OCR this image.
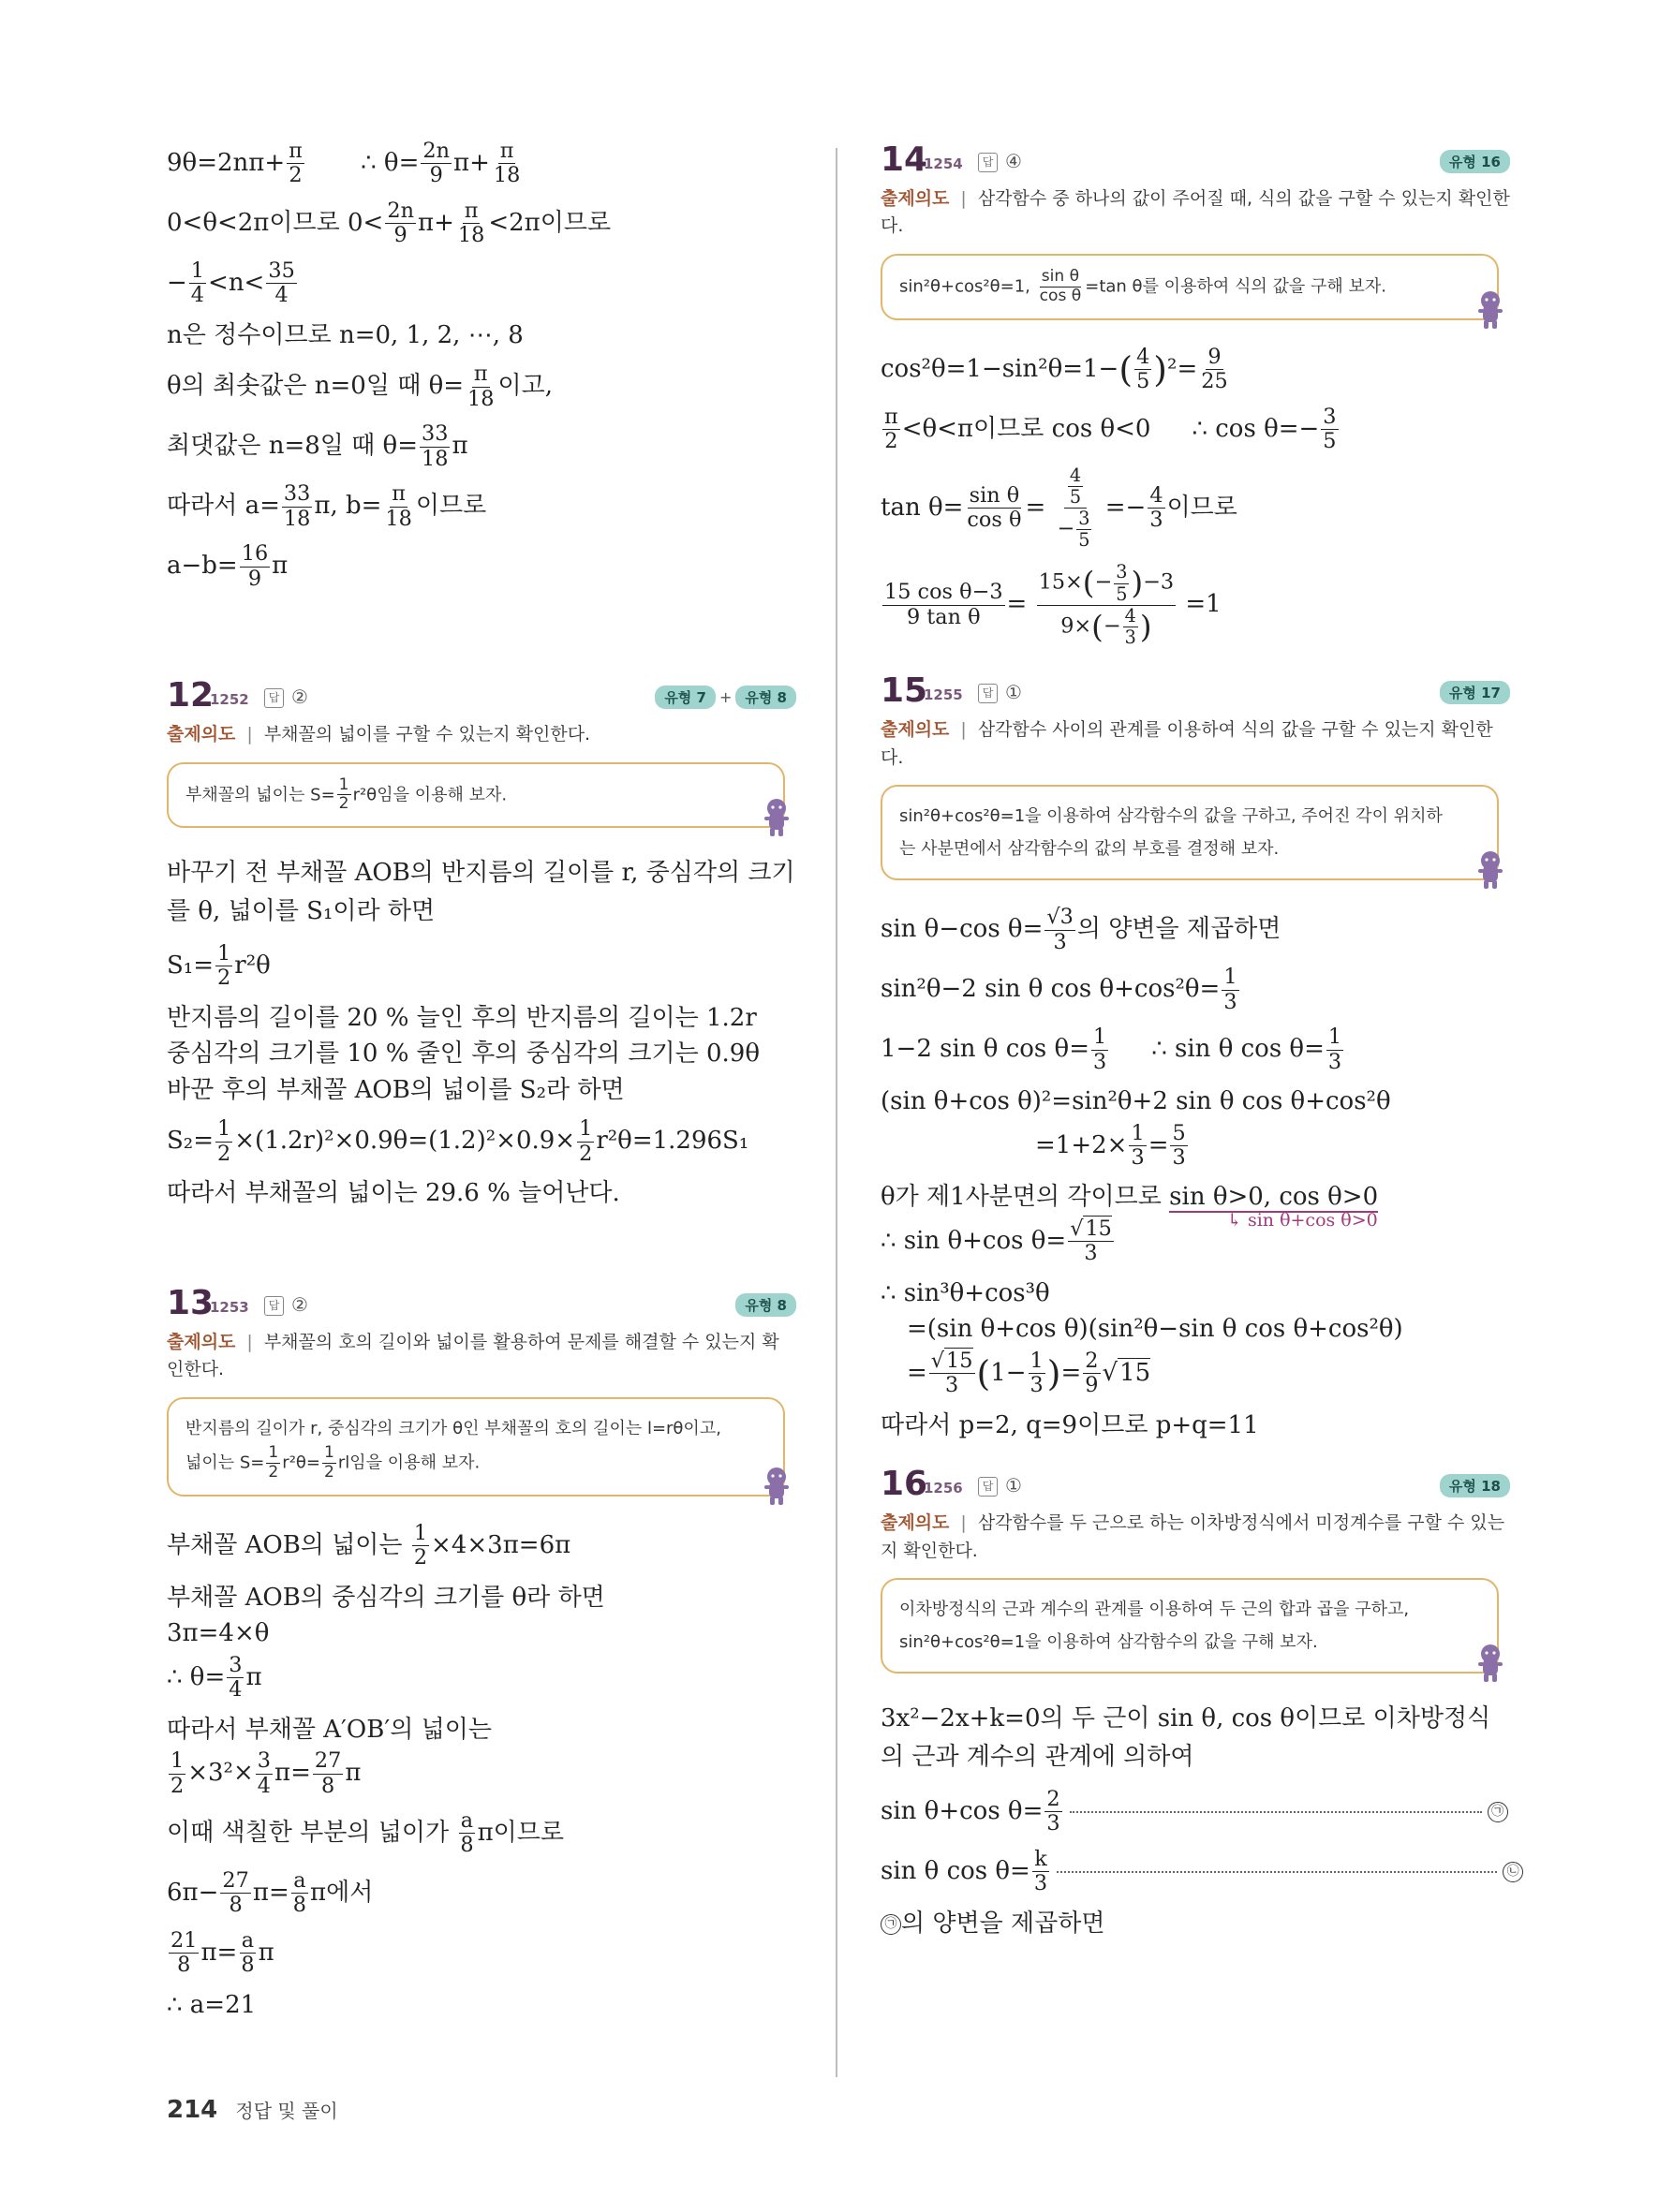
$9\theta=2n\pi+ \frac{\pi}{2}$ ∴ $\theta= \frac{2n}{9} \pi+ \frac{\pi}{18}$
0<θ<2π이므로 $0< \frac{2n}{9} \pi+ \frac{\pi}{18} <2\pi$이므로
− $\frac{1}{4} <n< \frac{35}{4}$
n은 정수이므로 n=0, 1, 2, ⋯, 8
θ의 최솟값은 n=0일 때 $\theta= \frac{\pi}{18}$ 이고,
최댓값은 n=8일 때 $\theta= \frac{33}{18}$ π
따라서 $a= \frac{33}{18} \pi$, $b= \frac{\pi}{18}$ 이므로
$a-b= \frac{16}{9}$ π
12
1252	답 ②	유형 7 + 유형 8
출제의도 | 부채꼴의 넓이를 구할 수 있는지 확인한다.
부채꼴의 넓이는 $S= \frac{1}{2} r^2\theta$임을 이용해 보자.
바꾸기 전 부채꼴 AOB의 반지름의 길이를 r, 중심각의 크기를 θ, 넓이를 S₁이라 하면
$S_1= \frac{1}{2} r^2\theta$
반지름의 길이를 20 % 늘인 후의 반지름의 길이는 1.2r
중심각의 크기를 10 % 줄인 후의 중심각의 크기는 0.9θ
바꾼 후의 부채꼴 AOB의 넓이를 S₂라 하면
$S_2= \frac{1}{2} \times(1.2r)^2\times 0.9\theta=(1.2)^2\times 0.9\times \frac{1}{2} r^2\theta=1.296S_1$
따라서 부채꼴의 넓이는 29.6 % 늘어난다.
13
1253	답 ②	유형 8
출제의도 | 부채꼴의 호의 길이와 넓이를 활용하여 문제를 해결할 수 있는지 확인한다.
반지름의 길이가 r, 중심각의 크기가 θ인 부채꼴의 호의 길이는 l=rθ이고, 넓이는 $S= \frac{1}{2} r^2\theta= \frac{1}{2}$ rl임을 이용해 보자.
부채꼴 AOB의 넓이는 $\frac{1}{2} \times 4\times 3\pi=6\pi$
부채꼴 AOB의 중심각의 크기를 θ라 하면
3π=4×θ
∴ $\theta= \frac{3}{4}$ π
따라서 부채꼴 A′OB′의 넓이는
$\frac{1}{2} \times 3^2\times \frac{3}{4} \pi= \frac{27}{8}$ π
이때 색칠한 부분의 넓이가 $\frac{a}{8}$ π이므로
$6\pi- \frac{27}{8} \pi= \frac{a}{8}$ π에서
$\frac{21}{8} \pi= \frac{a}{8}$ π
∴ a=21
14
1254	답 ④	유형 16
출제의도 | 삼각함수 중 하나의 값이 주어질 때, 식의 값을 구할 수 있는지 확인한다.
sin²θ+cos²θ=1, $\frac{\text{sin θ}}{\text{cos θ}} =\tan$ θ를 이용하여 식의 값을 구해 보자.
$\cos^2\theta=1-\sin^2\theta=1-( \frac{4}{5} )^2= \frac{9}{25}$
$\frac{\pi}{2} <\theta<\pi$이므로 cos θ<0 ∴ $\cos \theta=- \frac{3}{5}$
$\tan \theta= \frac{\text{sin θ}}{\text{cos θ}} = \frac{\frac{4}{5}}{- \frac{3}{5}} =- \frac{4}{3}$ 이므로
$\frac{\text{15 cos θ−3}}{\text{9 tan θ}} = \frac{15\times(- \frac{3}{5} )-3}{9\times(- \frac{4}{3} )} =1$
15
1255	답 ①	유형 17
출제의도 | 삼각함수 사이의 관계를 이용하여 식의 값을 구할 수 있는지 확인한다.
sin²θ+cos²θ=1을 이용하여 삼각함수의 값을 구하고, 주어진 각이 위치하는 사분면에서 삼각함수의 값의 부호를 결정해 보자.
sin θ−cos $\theta= \frac{√3}{3}$ 의 양변을 제곱하면
sin²θ−2 sin θ $\cos \theta+\cos^2\theta= \frac{1}{3}$
1−2 sin θ $\cos \theta= \frac{1}{3}$ ∴ sin θ $\cos \theta= \frac{1}{3}$
(sin θ+cos θ)²=sin²θ+2 sin θ cos θ+cos²θ
$=1+2\times \frac{1}{3} = \frac{5}{3}$
θ가 제1사분면의 각이므로 sin θ>0, cos θ>0
↳ sin θ+cos θ>0
∴ sin θ+cos $\theta= \frac{√15}{3}$
∴ sin³θ+cos³θ
=(sin θ+cos θ)(sin²θ−sin θ cos θ+cos²θ)
= $\frac{√15}{3} (1- \frac{1}{3}$ )= $\frac{2}{9} √15$
따라서 p=2, q=9이므로 p+q=11
16
1256	답 ①	유형 18
출제의도 | 삼각함수를 두 근으로 하는 이차방정식에서 미정계수를 구할 수 있는지 확인한다.
이차방정식의 근과 계수의 관계를 이용하여 두 근의 합과 곱을 구하고, sin²θ+cos²θ=1을 이용하여 삼각함수의 값을 구해 보자.
3x²−2x+k=0의 두 근이 sin θ, cos θ이므로 이차방정식의 근과 계수의 관계에 의하여
sin θ+cos $\theta= \frac{2}{3}$	㉠
sin θ $\cos \theta= \frac{k}{3}$	㉡
㉠ 의 양변을 제곱하면
214 정답 및 풀이
